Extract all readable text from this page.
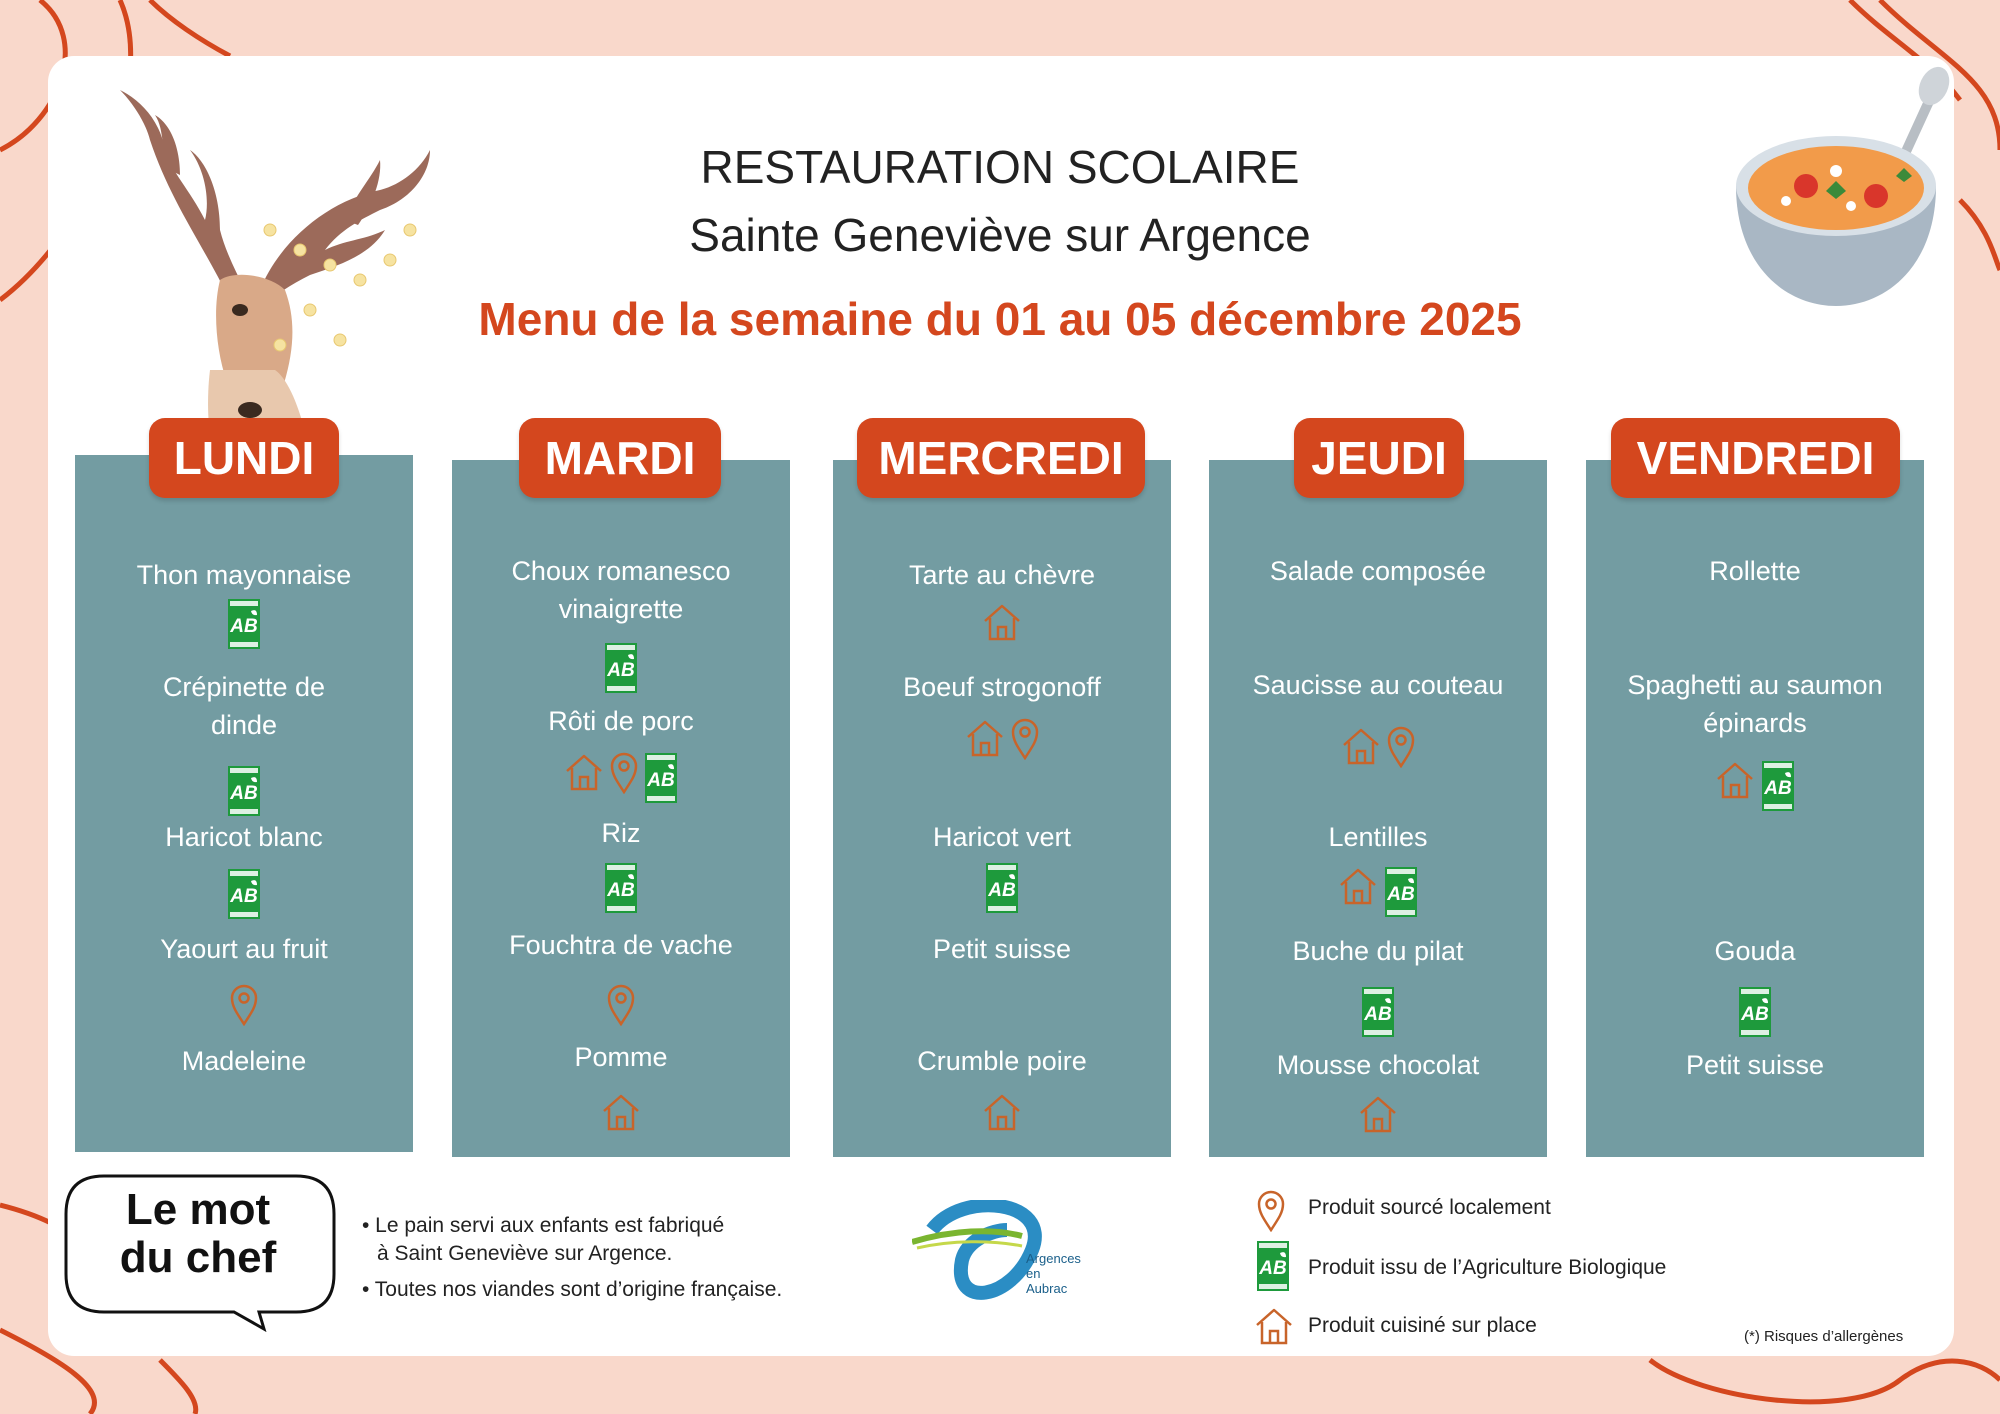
RESTAURATION SCOLAIRE
Sainte Geneviève sur Argence
Menu de la semaine du 01 au 05 décembre 2025
LUNDI	MARDI	MERCREDI	JEUDI	VENDREDI
Thon mayonnaise
AB
Crépinette de dinde
AB
Haricot blanc
AB
Yaourt au fruit
Madeleine
Choux romanesco vinaigrette
AB
Rôti de porc
AB
Riz
AB
Fouchtra de vache
Pomme
Tarte au chèvre
Boeuf strogonoff
Haricot vert
AB
Petit suisse
Crumble poire
Salade composée
Saucisse au couteau
Lentilles
AB
Buche du pilat
AB
Mousse chocolat
Rollette
Spaghetti au saumon épinards
AB
Gouda
AB
Petit suisse
Le mot
du chef
• Le pain servi aux enfants est fabriqué
à Saint Geneviève sur Argence.
• Toutes nos viandes sont d’origine française.
Argences
en
Aubrac
Produit sourcé localement
AB Produit issu de l’Agriculture Biologique
Produit cuisiné sur place	(*) Risques d’allergènes
